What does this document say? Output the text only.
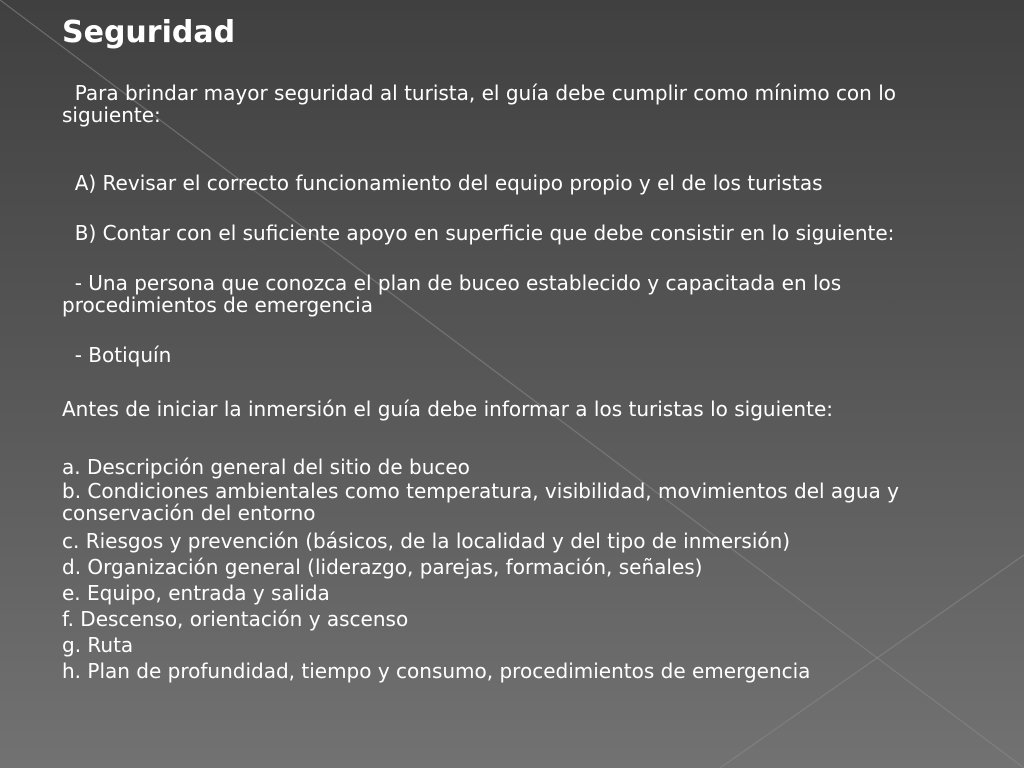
Seguridad

Para brindar mayor seguridad al turista, el guía debe cumplir como mínimo con lo siguiente:

A) Revisar el correcto funcionamiento del equipo propio y el de los turistas

B) Contar con el suficiente apoyo en superficie que debe consistir en lo siguiente:

- Una persona que conozca el plan de buceo establecido y capacitada en los procedimientos de emergencia

- Botiquín

Antes de iniciar la inmersión el guía debe informar a los turistas lo siguiente:

a. Descripción general del sitio de buceo

b. Condiciones ambientales como temperatura, visibilidad, movimientos del agua y conservación del entorno

c. Riesgos y prevención (básicos, de la localidad y del tipo de inmersión)

d. Organización general (liderazgo, parejas, formación, señales)

e. Equipo, entrada y salida

f. Descenso, orientación y ascenso

g. Ruta

h. Plan de profundidad, tiempo y consumo, procedimientos de emergencia
